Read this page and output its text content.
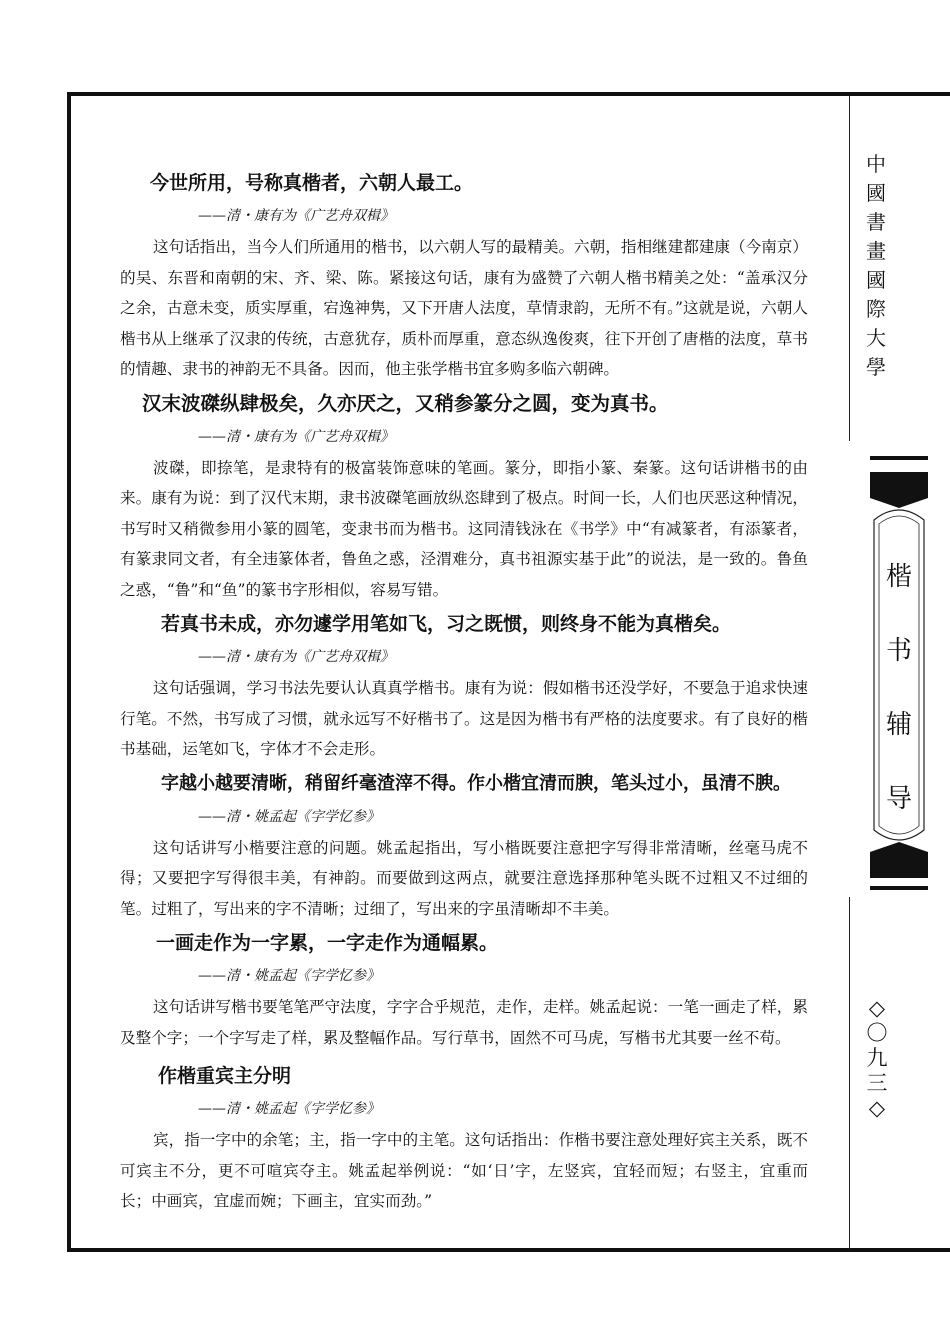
中
國
書
畫
國
際
大
學
楷
书
辅
导
◇
〇
九
三
◇

今世所用，号称真楷者，六朝人最工。

——清・康有为《广艺舟双楫》

这句话指出，当今人们所通用的楷书，以六朝人写的最精美。六朝，指相继建都建康（今南京）的吴、东晋和南朝的宋、齐、梁、陈。紧接这句话，康有为盛赞了六朝人楷书精美之处：“盖承汉分之余，古意未变，质实厚重，宕逸神隽，又下开唐人法度，草情隶韵，无所不有。”这就是说，六朝人楷书从上继承了汉隶的传统，古意犹存，质朴而厚重，意态纵逸俊爽，往下开创了唐楷的法度，草书的情趣、隶书的神韵无不具备。因而，他主张学楷书宜多购多临六朝碑。

汉末波磔纵肆极矣，久亦厌之，又稍参篆分之圆，变为真书。

——清・康有为《广艺舟双楫》

波磔，即捺笔，是隶特有的极富装饰意味的笔画。篆分，即指小篆、秦篆。这句话讲楷书的由来。康有为说：到了汉代末期，隶书波磔笔画放纵恣肆到了极点。时间一长，人们也厌恶这种情况，书写时又稍微参用小篆的圆笔，变隶书而为楷书。这同清钱泳在《书学》中“有减篆者，有添篆者，有篆隶同文者，有全违篆体者，鲁鱼之惑，泾渭难分，真书祖源实基于此”的说法，是一致的。鲁鱼之惑，“鲁”和“鱼”的篆书字形相似，容易写错。

若真书未成，亦勿遽学用笔如飞，习之既惯，则终身不能为真楷矣。

——清・康有为《广艺舟双楫》

这句话强调，学习书法先要认认真真学楷书。康有为说：假如楷书还没学好，不要急于追求快速行笔。不然，书写成了习惯，就永远写不好楷书了。这是因为楷书有严格的法度要求。有了良好的楷书基础，运笔如飞，字体才不会走形。

字越小越要清晰，稍留纤毫渣滓不得。作小楷宜清而腴，笔头过小，虽清不腴。

——清・姚孟起《字学忆参》

这句话讲写小楷要注意的问题。姚孟起指出，写小楷既要注意把字写得非常清晰，丝毫马虎不得；又要把字写得很丰美，有神韵。而要做到这两点，就要注意选择那种笔头既不过粗又不过细的笔。过粗了，写出来的字不清晰；过细了，写出来的字虽清晰却不丰美。

一画走作为一字累，一字走作为通幅累。

——清・姚孟起《字学忆参》

这句话讲写楷书要笔笔严守法度，字字合乎规范，走作，走样。姚孟起说：一笔一画走了样，累及整个字；一个字写走了样，累及整幅作品。写行草书，固然不可马虎，写楷书尤其要一丝不苟。

作楷重宾主分明

——清・姚孟起《字学忆参》

宾，指一字中的余笔；主，指一字中的主笔。这句话指出：作楷书要注意处理好宾主关系，既不可宾主不分，更不可喧宾夺主。姚孟起举例说：“如‘日’字，左竖宾，宜轻而短；右竖主，宜重而长；中画宾，宜虚而婉；下画主，宜实而劲。”
